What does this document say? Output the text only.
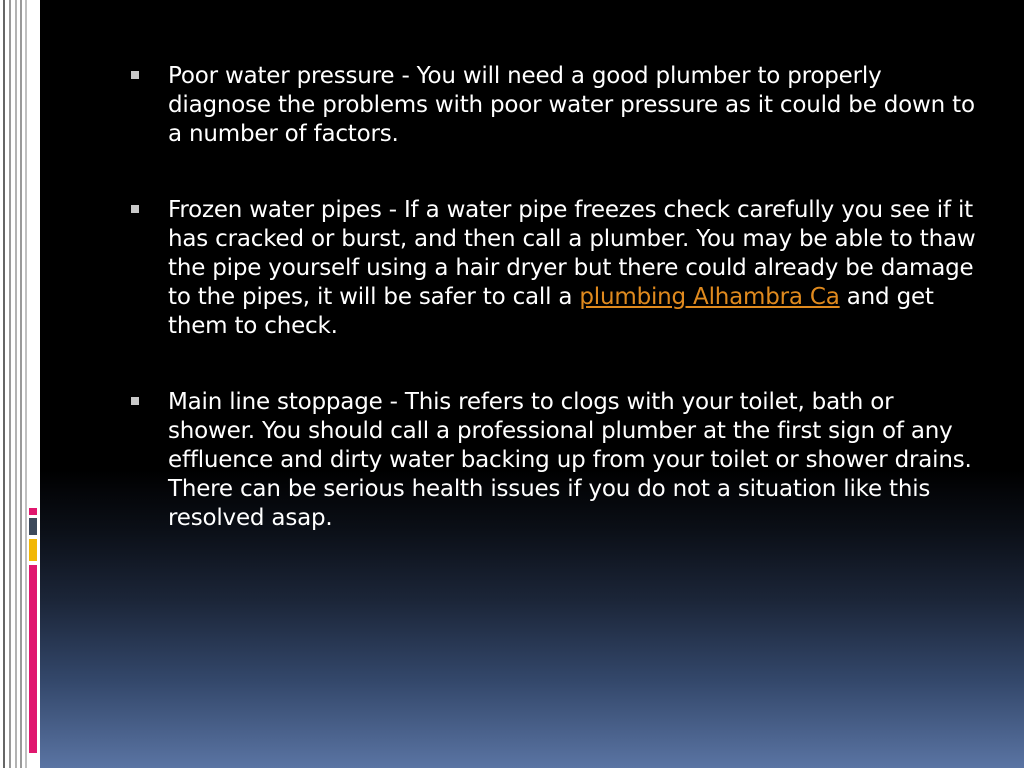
Poor water pressure - You will need a good plumber to properly diagnose the problems with poor water pressure as it could be down to a number of factors.
Frozen water pipes - If a water pipe freezes check carefully you see if it has cracked or burst, and then call a plumber. You may be able to thaw the pipe yourself using a hair dryer but there could already be damage to the pipes, it will be safer to call a plumbing Alhambra Ca and get them to check.
Main line stoppage - This refers to clogs with your toilet, bath or shower. You should call a professional plumber at the first sign of any effluence and dirty water backing up from your toilet or shower drains. There can be serious health issues if you do not a situation like this resolved asap.
